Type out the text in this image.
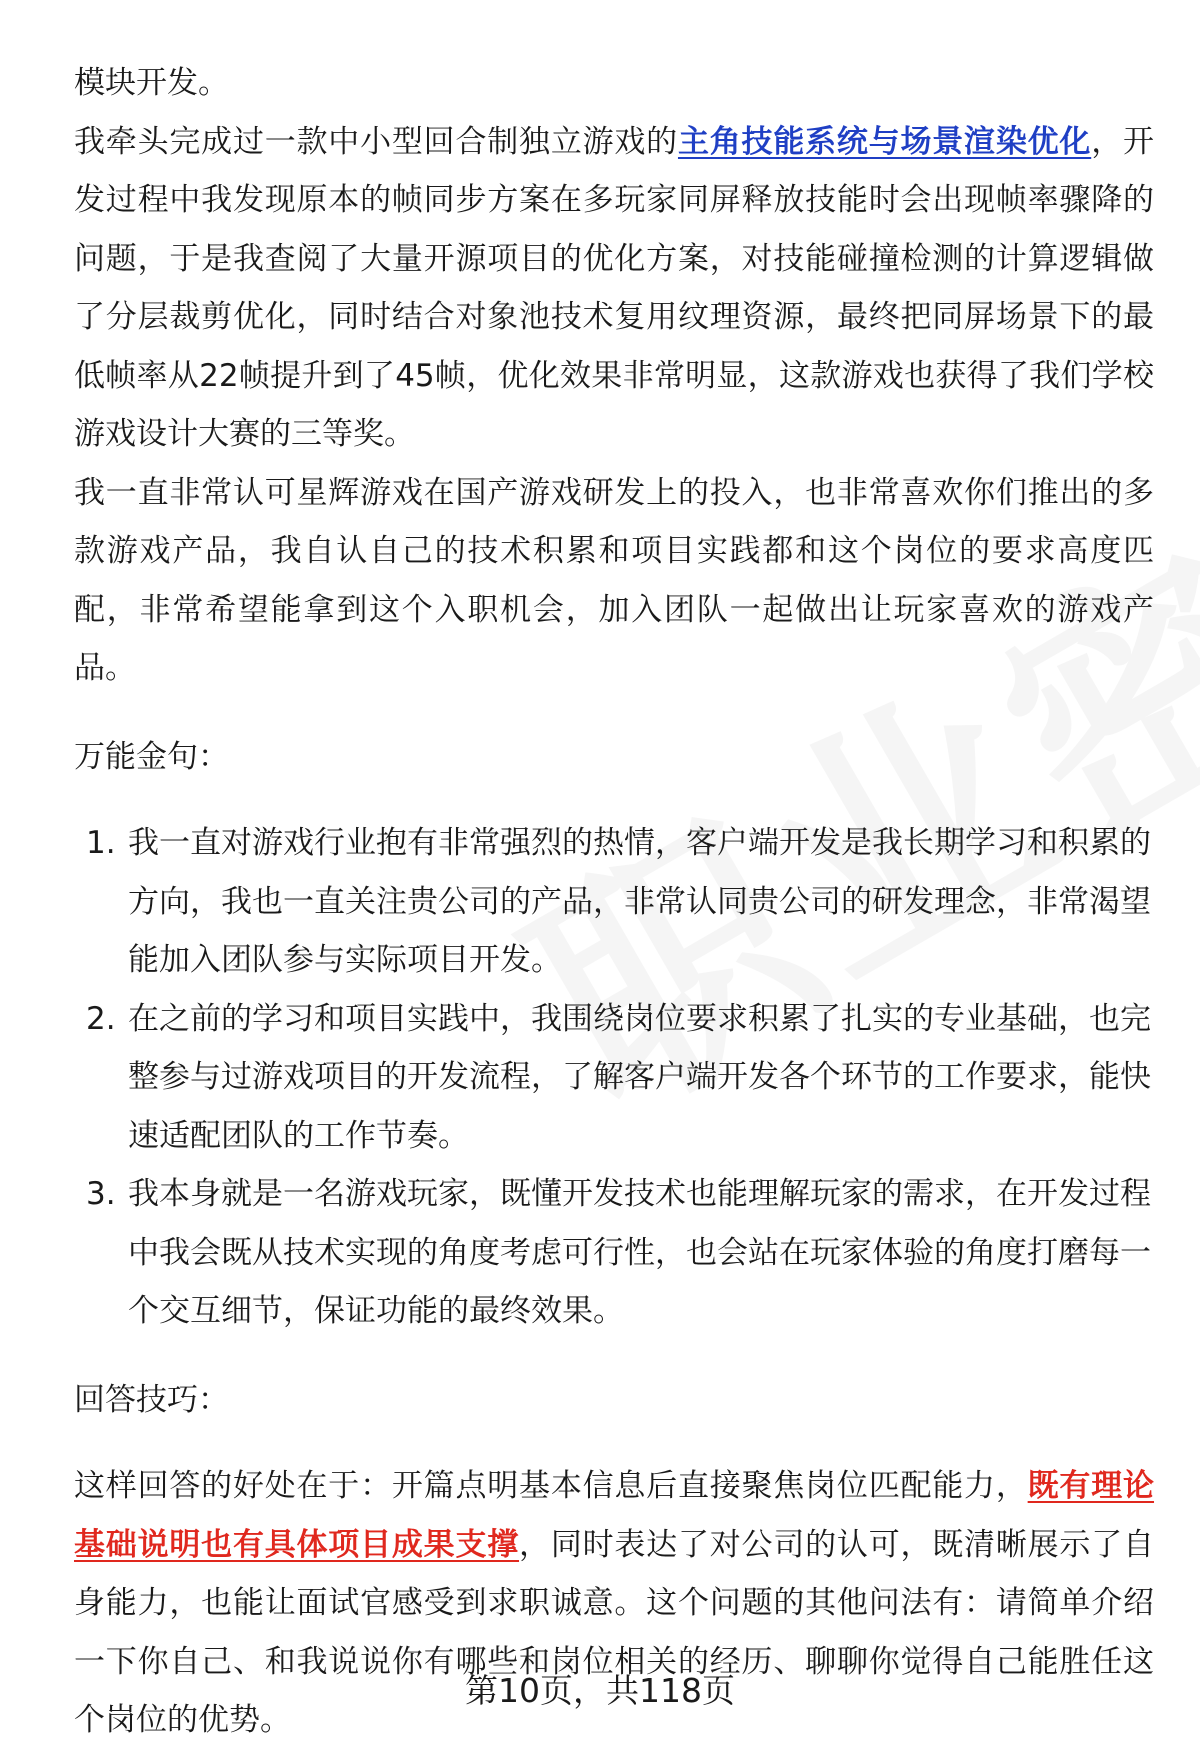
模块开发。

我牵头完成过一款中小型回合制独立游戏的主角技能系统与场景渲染优化，开发过程中我发现原本的帧同步方案在多玩家同屏释放技能时会出现帧率骤降的问题，于是我查阅了大量开源项目的优化方案，对技能碰撞检测的计算逻辑做了分层裁剪优化，同时结合对象池技术复用纹理资源，最终把同屏场景下的最低帧率从22帧提升到了45帧，优化效果非常明显，这款游戏也获得了我们学校游戏设计大赛的三等奖。

我一直非常认可星辉游戏在国产游戏研发上的投入，也非常喜欢你们推出的多款游戏产品，我自认自己的技术积累和项目实践都和这个岗位的要求高度匹配，非常希望能拿到这个入职机会，加入团队一起做出让玩家喜欢的游戏产品。

万能金句：

1. 我一直对游戏行业抱有非常强烈的热情，客户端开发是我长期学习和积累的方向，我也一直关注贵公司的产品，非常认同贵公司的研发理念，非常渴望能加入团队参与实际项目开发。
2. 在之前的学习和项目实践中，我围绕岗位要求积累了扎实的专业基础，也完整参与过游戏项目的开发流程，了解客户端开发各个环节的工作要求，能快速适配团队的工作节奏。
3. 我本身就是一名游戏玩家，既懂开发技术也能理解玩家的需求，在开发过程中我会既从技术实现的角度考虑可行性，也会站在玩家体验的角度打磨每一个交互细节，保证功能的最终效果。

回答技巧：

这样回答的好处在于：开篇点明基本信息后直接聚焦岗位匹配能力，既有理论基础说明也有具体项目成果支撑，同时表达了对公司的认可，既清晰展示了自身能力，也能让面试官感受到求职诚意。这个问题的其他问法有：请简单介绍一下你自己、和我说说你有哪些和岗位相关的经历、聊聊你觉得自己能胜任这个岗位的优势。

第10页，共118页
